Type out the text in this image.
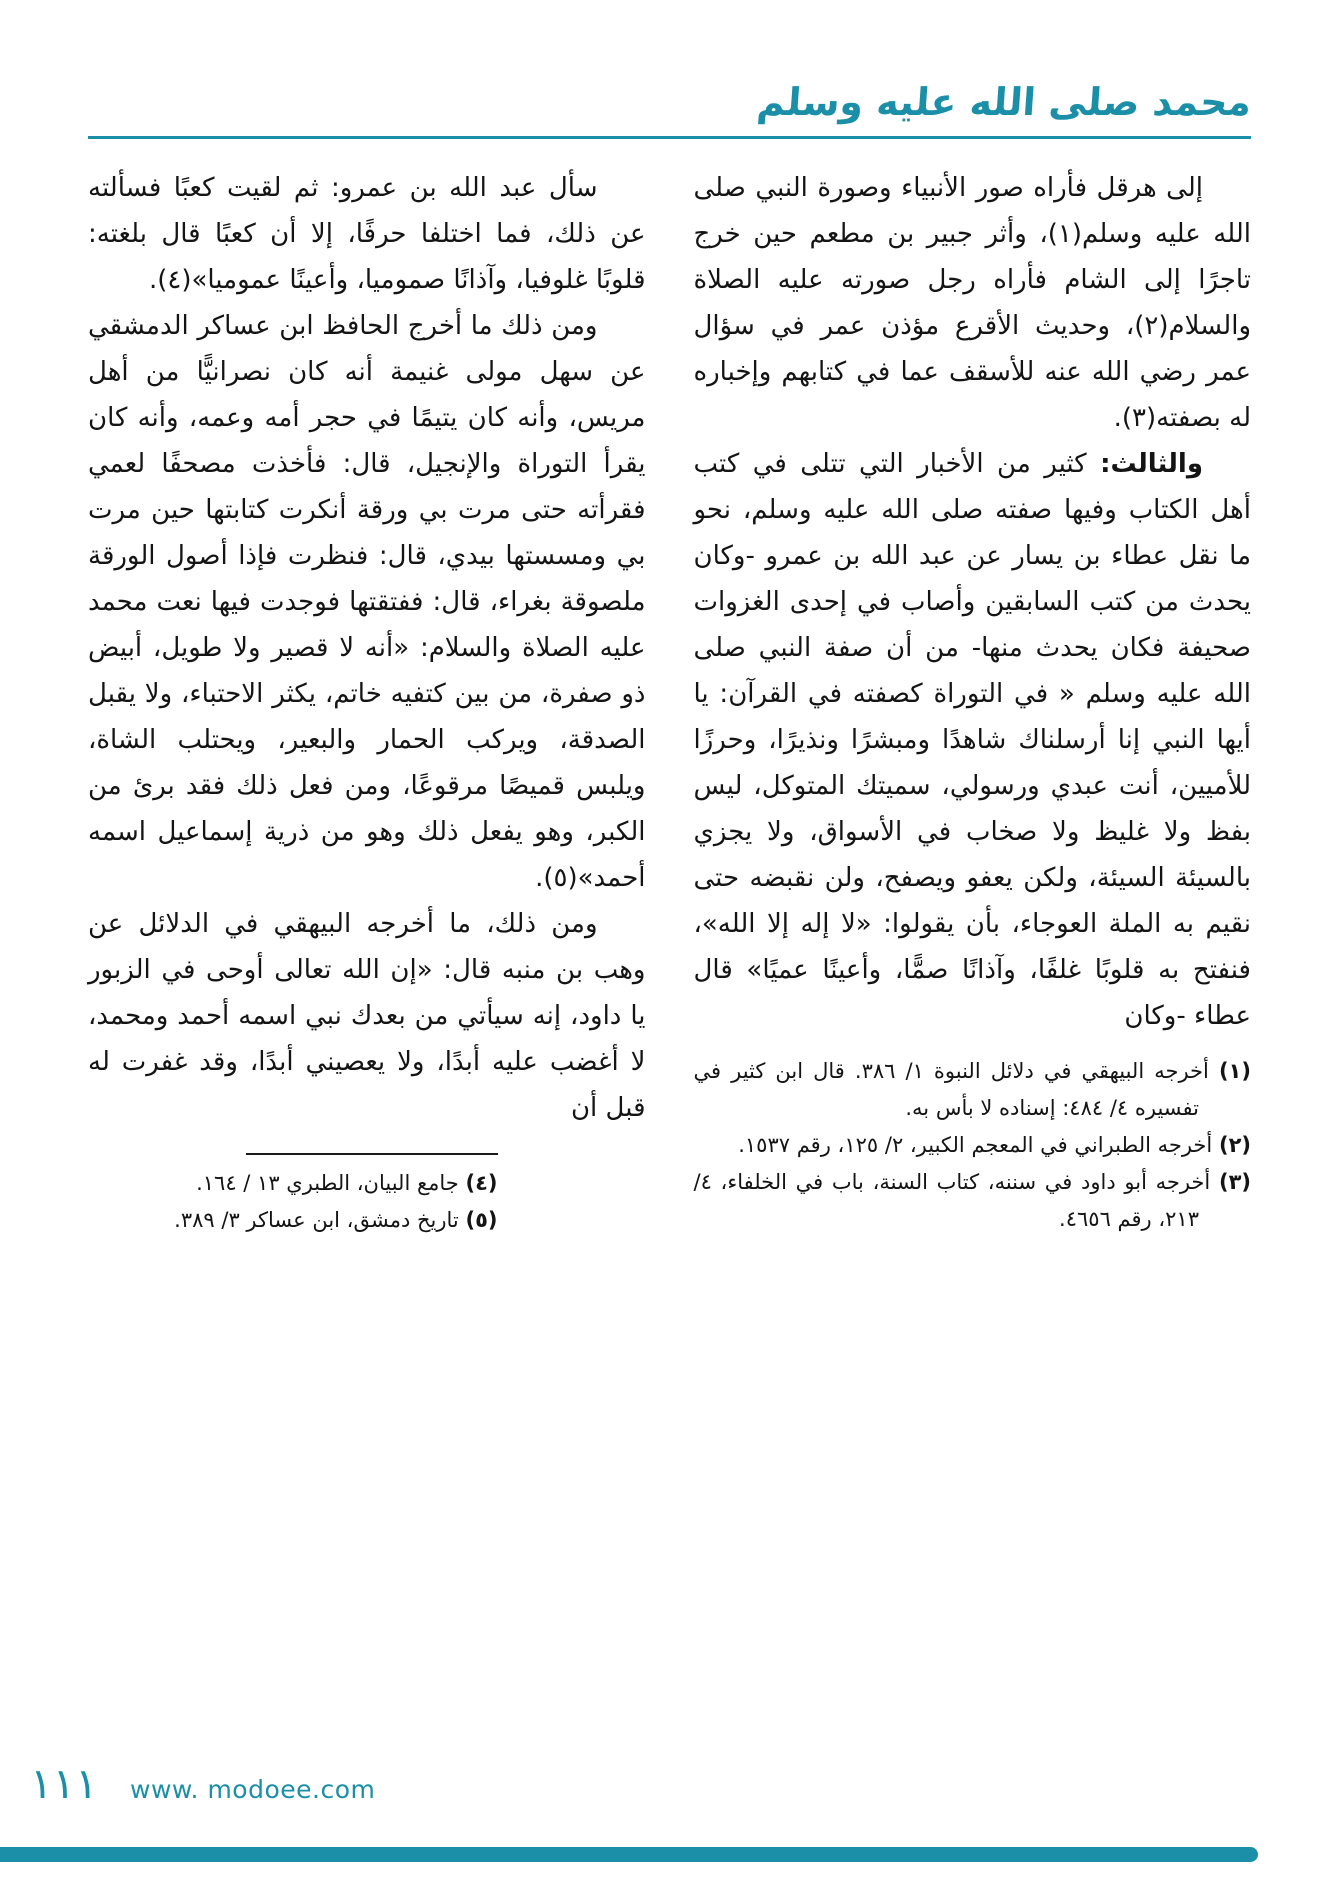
محمد صلى الله عليه وسلم

إلى هرقل فأراه صور الأنبياء وصورة النبي صلى الله عليه وسلم(١)، وأثر جبير بن مطعم حين خرج تاجرًا إلى الشام فأراه رجل صورته عليه الصلاة والسلام(٢)، وحديث الأقرع مؤذن عمر في سؤال عمر رضي الله عنه للأسقف عما في كتابهم وإخباره له بصفته(٣).

والثالث: كثير من الأخبار التي تتلى في كتب أهل الكتاب وفيها صفته صلى الله عليه وسلم، نحو ما نقل عطاء بن يسار عن عبد الله بن عمرو -وكان يحدث من كتب السابقين وأصاب في إحدى الغزوات صحيفة فكان يحدث منها- من أن صفة النبي صلى الله عليه وسلم « في التوراة كصفته في القرآن: يا أيها النبي إنا أرسلناك شاهدًا ومبشرًا ونذيرًا، وحرزًا للأميين، أنت عبدي ورسولي، سميتك المتوكل، ليس بفظ ولا غليظ ولا صخاب في الأسواق، ولا يجزي بالسيئة السيئة، ولكن يعفو ويصفح، ولن نقبضه حتى نقيم به الملة العوجاء، بأن يقولوا: «لا إله إلا الله»، فنفتح به قلوبًا غلفًا، وآذانًا صمًّا، وأعينًا عميًا» قال عطاء -وكان

(١) أخرجه البيهقي في دلائل النبوة ١/ ٣٨٦. قال ابن كثير في تفسيره ٤/ ٤٨٤: إسناده لا بأس به.
(٢) أخرجه الطبراني في المعجم الكبير، ٢/ ١٢٥، رقم ١٥٣٧.
(٣) أخرجه أبو داود في سننه، كتاب السنة، باب في الخلفاء، ٤/ ٢١٣، رقم ٤٦٥٦.

سأل عبد الله بن عمرو: ثم لقيت كعبًا فسألته عن ذلك، فما اختلفا حرفًا، إلا أن كعبًا قال بلغته: قلوبًا غلوفيا، وآذانًا صموميا، وأعينًا عموميا»(٤).

ومن ذلك ما أخرج الحافظ ابن عساكر الدمشقي عن سهل مولى غنيمة أنه كان نصرانيًّا من أهل مريس، وأنه كان يتيمًا في حجر أمه وعمه، وأنه كان يقرأ التوراة والإنجيل، قال: فأخذت مصحفًا لعمي فقرأته حتى مرت بي ورقة أنكرت كتابتها حين مرت بي ومسستها بيدي، قال: فنظرت فإذا أصول الورقة ملصوقة بغراء، قال: ففتقتها فوجدت فيها نعت محمد عليه الصلاة والسلام: «أنه لا قصير ولا طويل، أبيض ذو صفرة، من بين كتفيه خاتم، يكثر الاحتباء، ولا يقبل الصدقة، ويركب الحمار والبعير، ويحتلب الشاة، ويلبس قميصًا مرقوعًا، ومن فعل ذلك فقد برئ من الكبر، وهو يفعل ذلك وهو من ذرية إسماعيل اسمه أحمد»(٥).

ومن ذلك، ما أخرجه البيهقي في الدلائل عن وهب بن منبه قال: «إن الله تعالى أوحى في الزبور يا داود، إنه سيأتي من بعدك نبي اسمه أحمد ومحمد، لا أغضب عليه أبدًا، ولا يعصيني أبدًا، وقد غفرت له قبل أن

(٤) جامع البيان، الطبري ١٣ / ١٦٤.
(٥) تاريخ دمشق، ابن عساكر ٣/ ٣٨٩.
١١١ www. modoee.com
